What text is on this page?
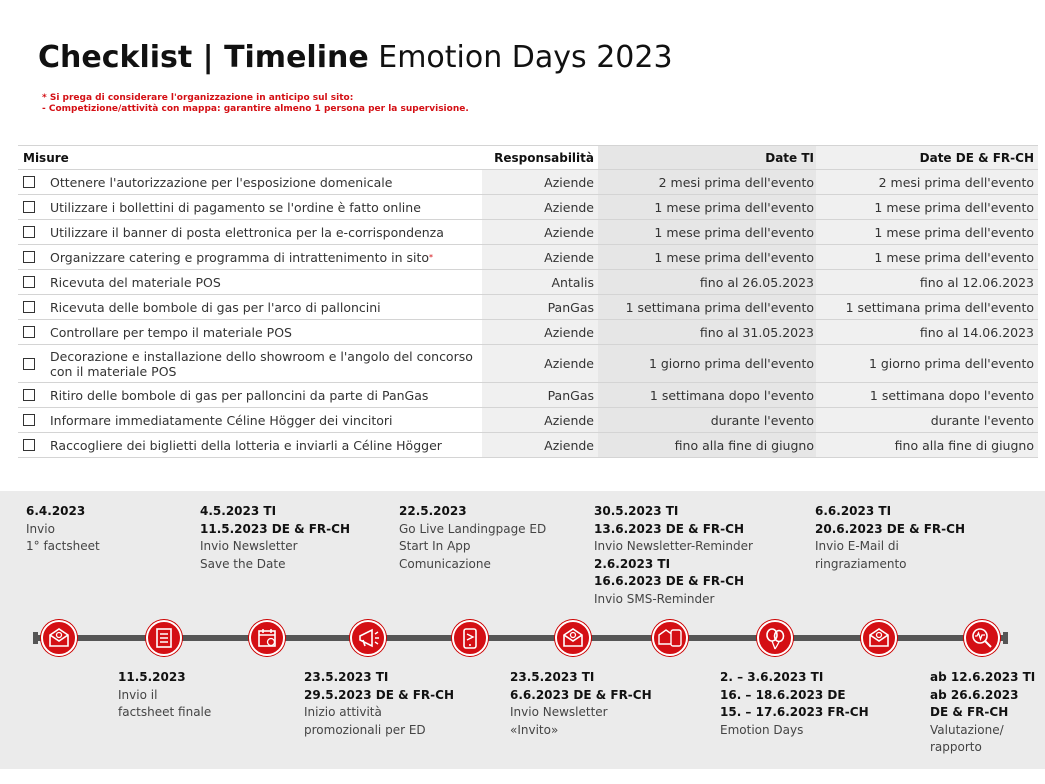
Checklist | Timeline Emotion Days 2023
* Si prega di considerare l'organizzazione in anticipo sul sito:
- Competizione/attività con mappa: garantire almeno 1 persona per la supervisione.
Misure	Responsabilità	Date TI	Date DE & FR-CH
Ottenere l'autorizzazione per l'esposizione domenicale	Aziende	2 mesi prima dell'evento	2 mesi prima dell'evento
Utilizzare i bollettini di pagamento se l'ordine è fatto online	Aziende	1 mese prima dell'evento	1 mese prima dell'evento
Utilizzare il banner di posta elettronica per la e-corrispondenza	Aziende	1 mese prima dell'evento	1 mese prima dell'evento
Organizzare catering e programma di intrattenimento in sito *	Aziende	1 mese prima dell'evento	1 mese prima dell'evento
Ricevuta del materiale POS	Antalis	fino al 26.05.2023	fino al 12.06.2023
Ricevuta delle bombole di gas per l'arco di palloncini	PanGas	1 settimana prima dell'evento	1 settimana prima dell'evento
Controllare per tempo il materiale POS	Aziende	fino al 31.05.2023	fino al 14.06.2023
Decorazione e installazione dello showroom e l'angolo del concorso con il materiale POS	Aziende	1 giorno prima dell'evento	1 giorno prima dell'evento
Ritiro delle bombole di gas per palloncini da parte di PanGas	PanGas	1 settimana dopo l'evento	1 settimana dopo l'evento
Informare immediatamente Céline Högger dei vincitori	Aziende	durante l'evento	durante l'evento
Raccogliere dei biglietti della lotteria e inviarli a Céline Högger	Aziende	fino alla fine di giugno	fino alla fine di giugno
6.4.2023
Invio
1° factsheet
4.5.2023 TI
11.5.2023 DE & FR-CH
Invio Newsletter
Save the Date
22.5.2023
Go Live Landingpage ED
Start In App
Comunicazione
30.5.2023 TI
13.6.2023 DE & FR-CH
Invio Newsletter-Reminder
2.6.2023 TI
16.6.2023 DE & FR-CH
Invio SMS-Reminder
6.6.2023 TI
20.6.2023 DE & FR-CH
Invio E-Mail di
ringraziamento
11.5.2023
Invio il
factsheet finale
23.5.2023 TI
29.5.2023 DE & FR-CH
Inizio attività
promozionali per ED
23.5.2023 TI
6.6.2023 DE & FR-CH
Invio Newsletter
«Invito»
2. – 3.6.2023 TI
16. – 18.6.2023 DE
15. – 17.6.2023 FR-CH
Emotion Days
ab 12.6.2023 TI
ab 26.6.2023
DE & FR-CH
Valutazione/
rapporto
